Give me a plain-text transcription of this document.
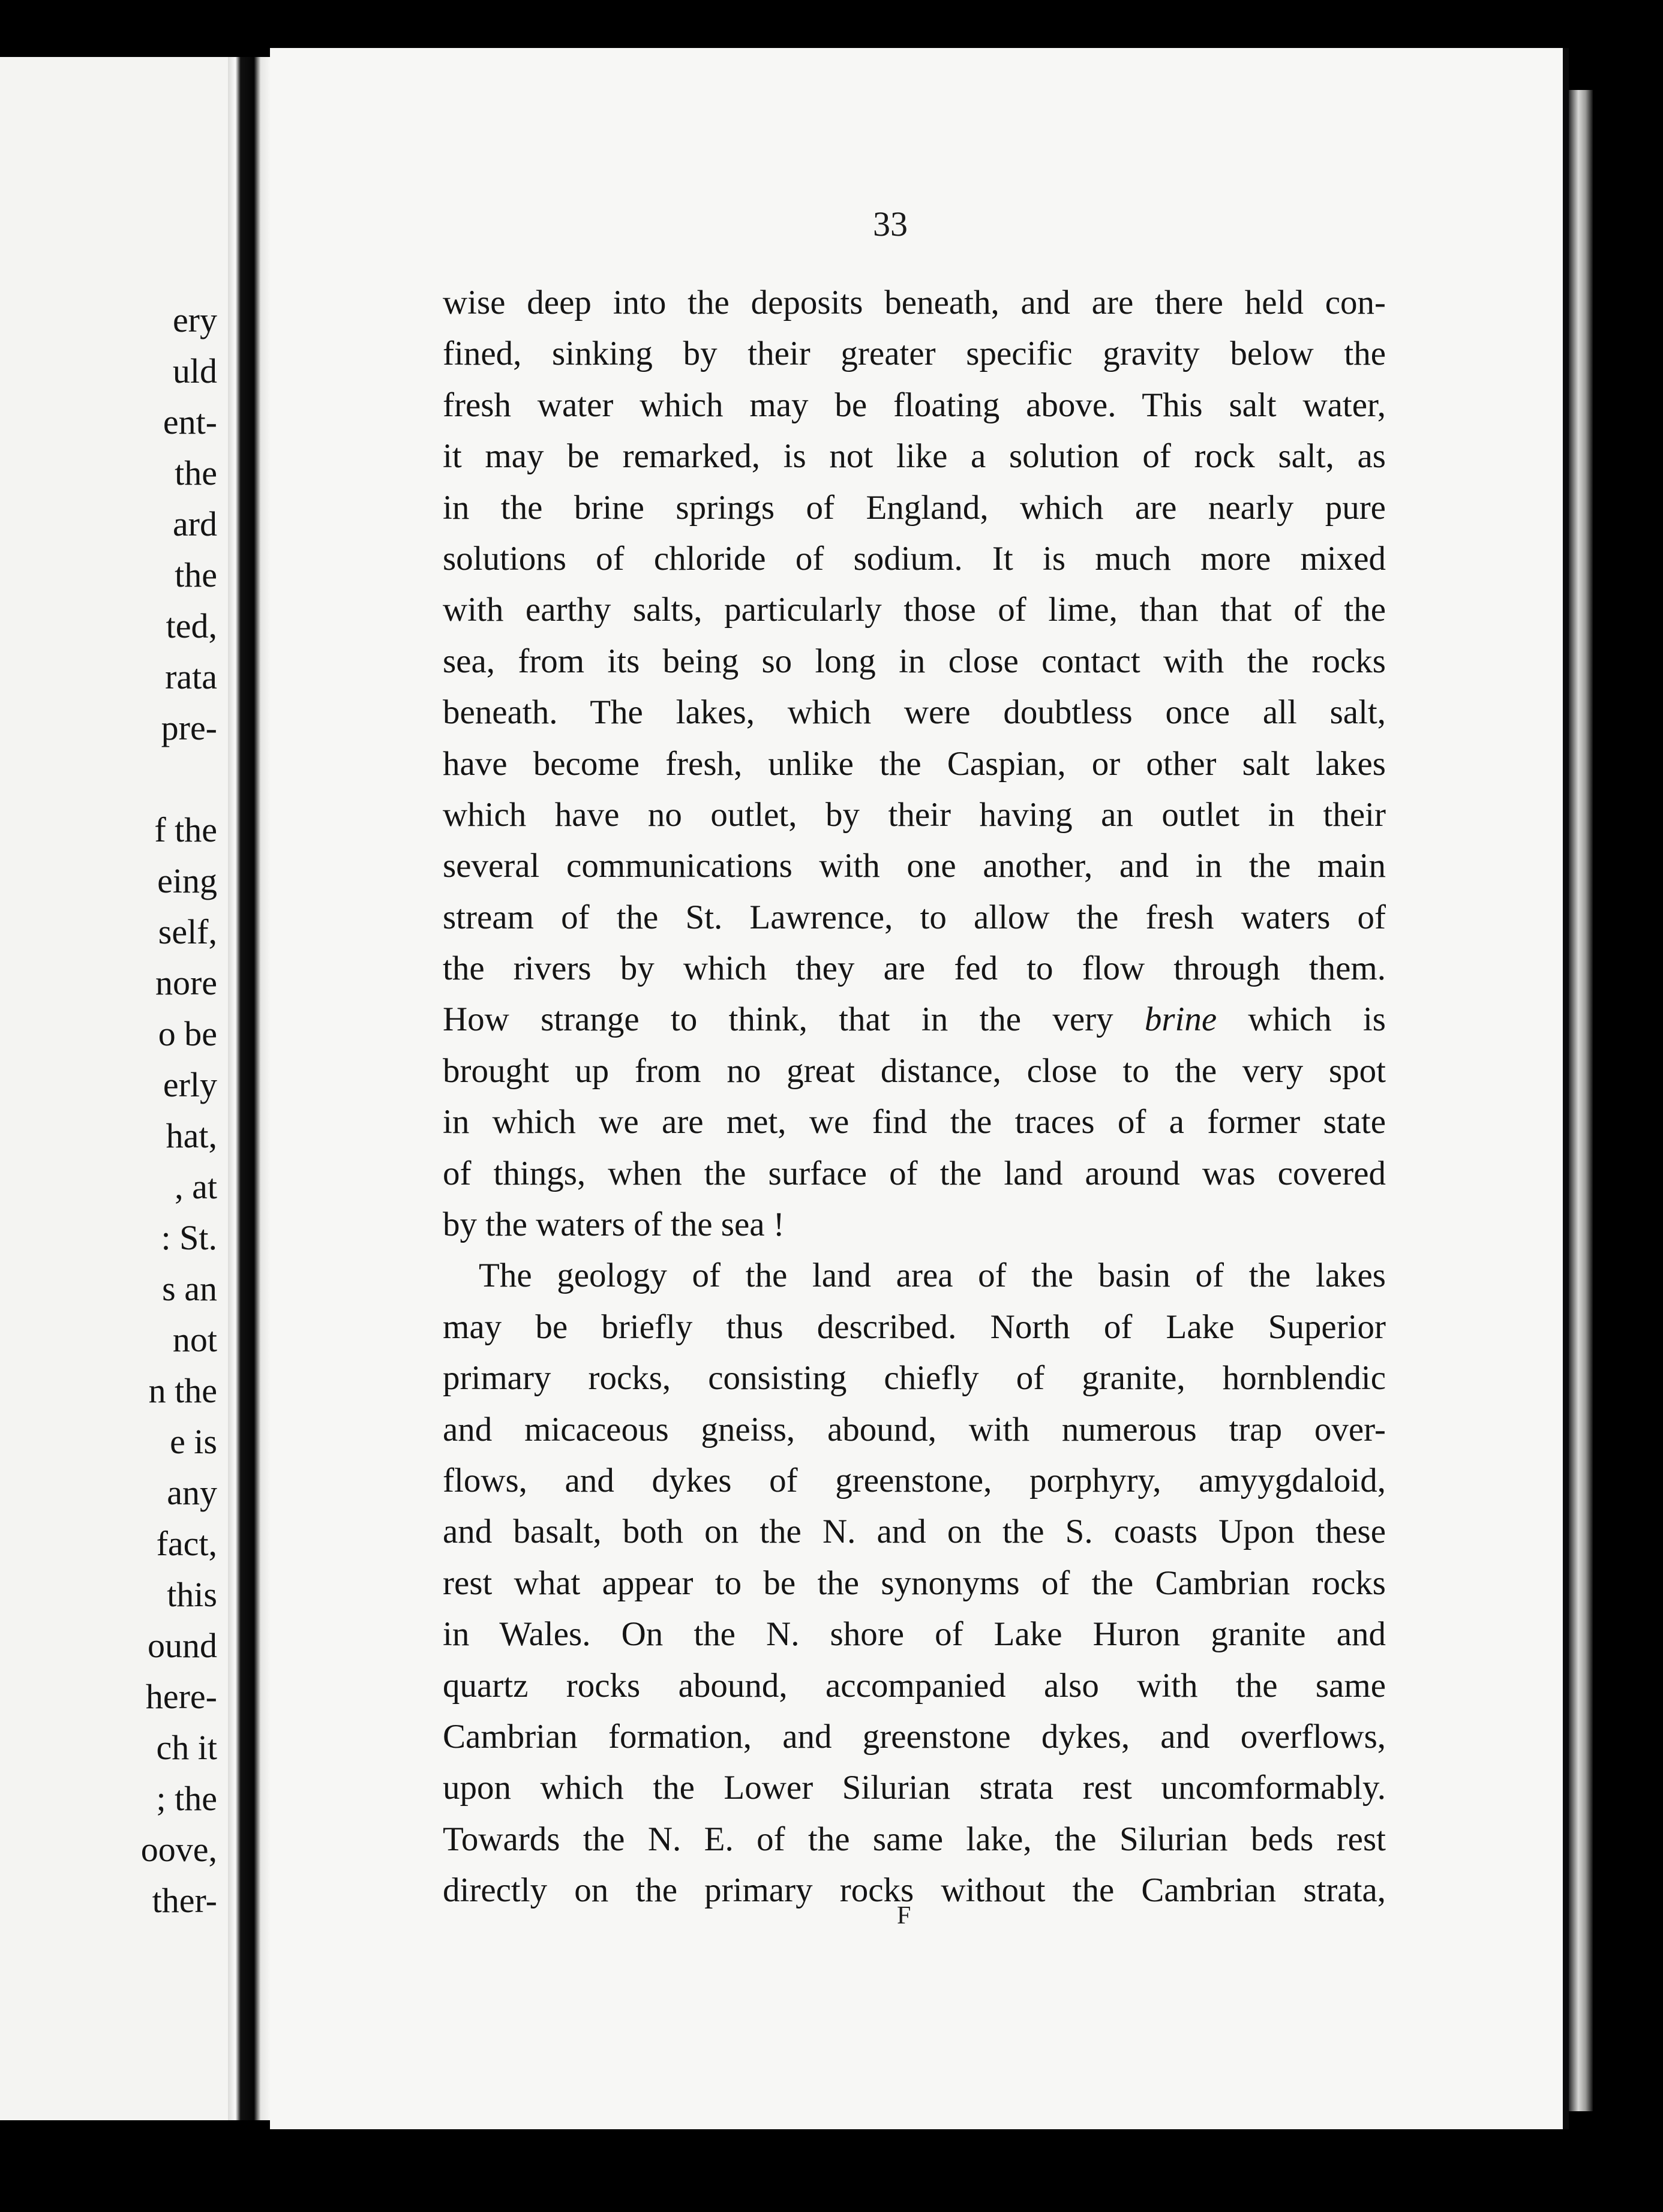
ery
uld
ent-
the
ard
the
ted,
rata
pre-
f the
eing
self,
nore
o be
erly
hat,
, at
: St.
s an
not
n the
e is
any
fact,
this
ound
here-
ch it
; the
oove,
ther-
33
wise deep into the deposits beneath, and are there held con-
fined, sinking by their greater specific gravity below the
fresh water which may be floating above. This salt water,
it may be remarked, is not like a solution of rock salt, as
in the brine springs of England, which are nearly pure
solutions of chloride of sodium. It is much more mixed
with earthy salts, particularly those of lime, than that of the
sea, from its being so long in close contact with the rocks
beneath. The lakes, which were doubtless once all salt,
have become fresh, unlike the Caspian, or other salt lakes
which have no outlet, by their having an outlet in their
several communications with one another, and in the main
stream of the St. Lawrence, to allow the fresh waters of
the rivers by which they are fed to flow through them.
How strange to think, that in the very brine which is
brought up from no great distance, close to the very spot
in which we are met, we find the traces of a former state
of things, when the surface of the land around was covered
by the waters of the sea !
The geology of the land area of the basin of the lakes
may be briefly thus described. North of Lake Superior
primary rocks, consisting chiefly of granite, hornblendic
and micaceous gneiss, abound, with numerous trap over-
flows, and dykes of greenstone, porphyry, amyygdaloid,
and basalt, both on the N. and on the S. coasts Upon these
rest what appear to be the synonyms of the Cambrian rocks
in Wales. On the N. shore of Lake Huron granite and
quartz rocks abound, accompanied also with the same
Cambrian formation, and greenstone dykes, and overflows,
upon which the Lower Silurian strata rest uncomformably.
Towards the N. E. of the same lake, the Silurian beds rest
directly on the primary rocks without the Cambrian strata,
F
